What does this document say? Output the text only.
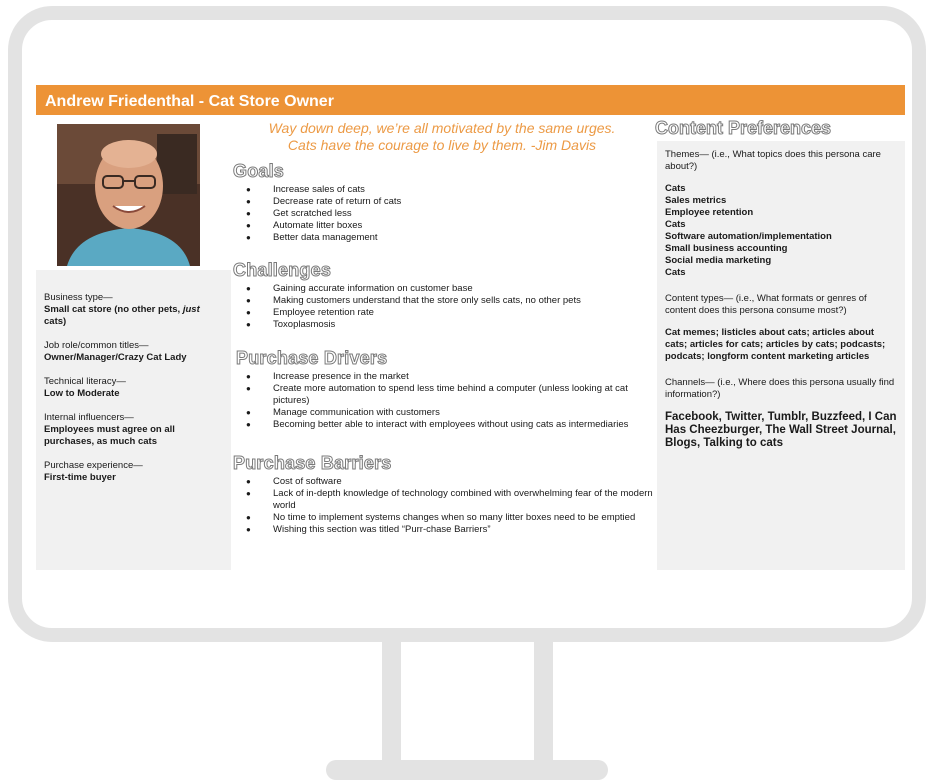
Andrew Friedenthal - Cat Store Owner
Business type—
Small cat store (no other pets, just cats)
Job role/common titles—
Owner/Manager/Crazy Cat Lady
Technical literacy—
Low to Moderate
Internal influencers—
Employees must agree on all purchases, as much cats
Purchase experience—
First-time buyer
Way down deep, we’re all motivated by the same urges.
Cats have the courage to live by them. -Jim Davis
Goals
● Increase sales of cats
● Decrease rate of return of cats
● Get scratched less
● Automate litter boxes
● Better data management
Challenges
● Gaining accurate information on customer base
● Making customers understand that the store only sells cats, no other pets
● Employee retention rate
● Toxoplasmosis
Purchase Drivers
● Increase presence in the market
● Create more automation to spend less time behind a computer (unless looking at cat pictures)
● Manage communication with customers
● Becoming better able to interact with employees without using cats as intermediaries
Purchase Barriers
● Cost of software
● Lack of in-depth knowledge of technology combined with overwhelming fear of the modern world
● No time to implement systems changes when so many litter boxes need to be emptied
● Wishing this section was titled “Purr-chase Barriers”
Content Preferences
Themes— (i.e., What topics does this persona care about?)
Cats
Sales metrics
Employee retention
Cats
Software automation/implementation
Small business accounting
Social media marketing
Cats
Content types— (i.e., What formats or genres of content does this persona consume most?)
Cat memes; listicles about cats; articles about cats; articles for cats; articles by cats; podcasts; podcats; longform content marketing articles
Channels— (i.e., Where does this persona usually find information?)
Facebook, Twitter, Tumblr, Buzzfeed, I Can Has Cheezburger, The Wall Street Journal, Blogs, Talking to cats
